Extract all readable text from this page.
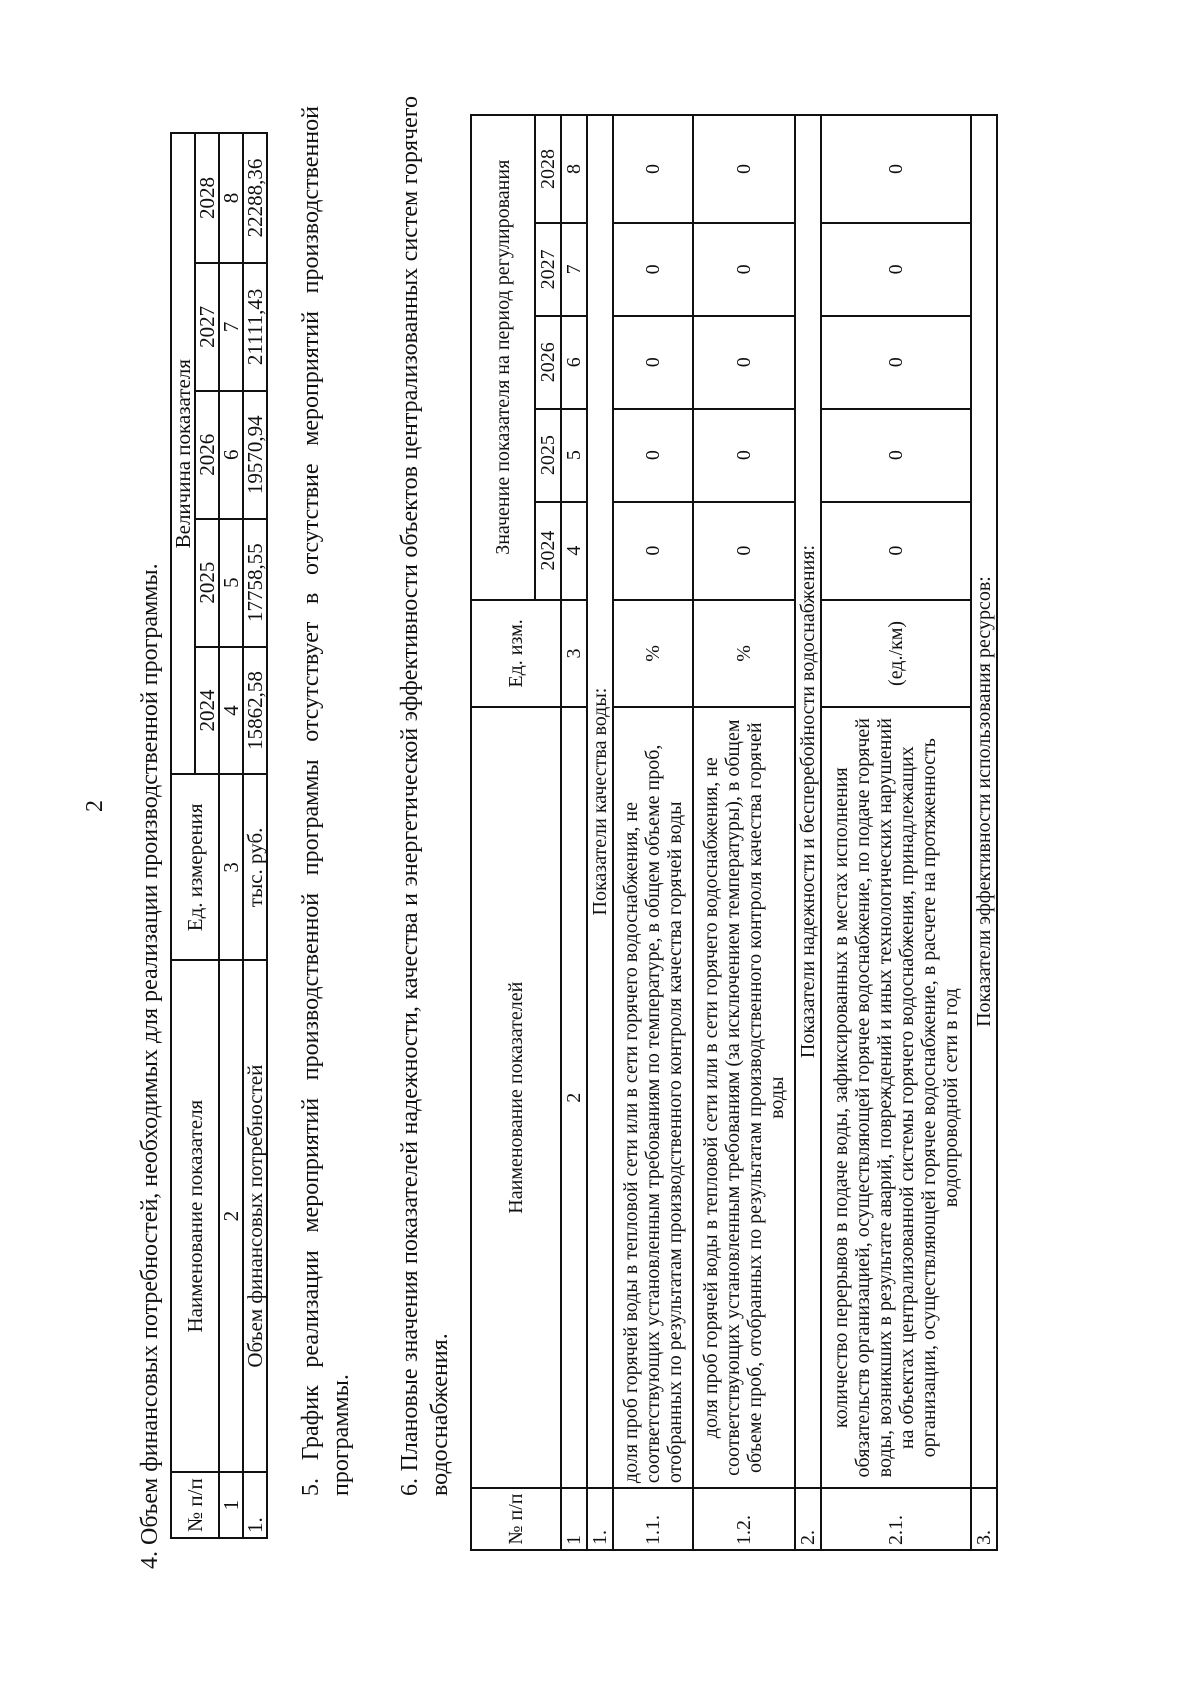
2 4. Объем финансовых потребностей, необходимых для реализации производственной программы. № п/п	Наименование показателя	Ед. измерения	Величина показателя				
			2024	2025	2026	2027	2028
1	2	3	4	5	6	7	8
1.	Объем финансовых потребностей	тыс. руб.	15862,58	17758,55	19570,94	21111,43	22288,36 5. График реализации мероприятий производственной программы отсутствует в отсутствие мероприятий производственной программы. 6. Плановые значения показателей надежности, качества и энергетической эффективности объектов централизованных систем горячего водоснабжения.
№ п/п	Наименование показателей	Ед. изм.	Значение показателя на период регулирования				
			2024	2025	2026	2027	2028
1	2	3	4	5	6	7	8
1.	Показатели качества воды:						
1.1.	доля проб горячей воды в тепловой сети или в сети горячего водоснабжения, не соответствующих установленным требованиям по температуре, в общем объеме проб, отобранных по результатам производственного контроля качества горячей воды	%	0	0	0	0	0
1.2.	доля проб горячей воды в тепловой сети или в сети горячего водоснабжения, не соответствующих установленным требованиям (за исключением температуры), в общем объеме проб, отобранных по результатам производственного контроля качества горячей воды	%	0	0	0	0	0
2.	Показатели надежности и бесперебойности водоснабжения:						
2.1.	количество перерывов в подаче воды, зафиксированных в местах исполнения обязательств организацией, осуществляющей горячее водоснабжение, по подаче горячей воды, возникших в результате аварий, повреждений и иных технологических нарушений на объектах централизованной системы горячего водоснабжения, принадлежащих организации, осуществляющей горячее водоснабжение, в расчете на протяженность водопроводной сети в год	(ед./км)	0	0	0	0	0
3.	Показатели эффективности использования ресурсов:						
